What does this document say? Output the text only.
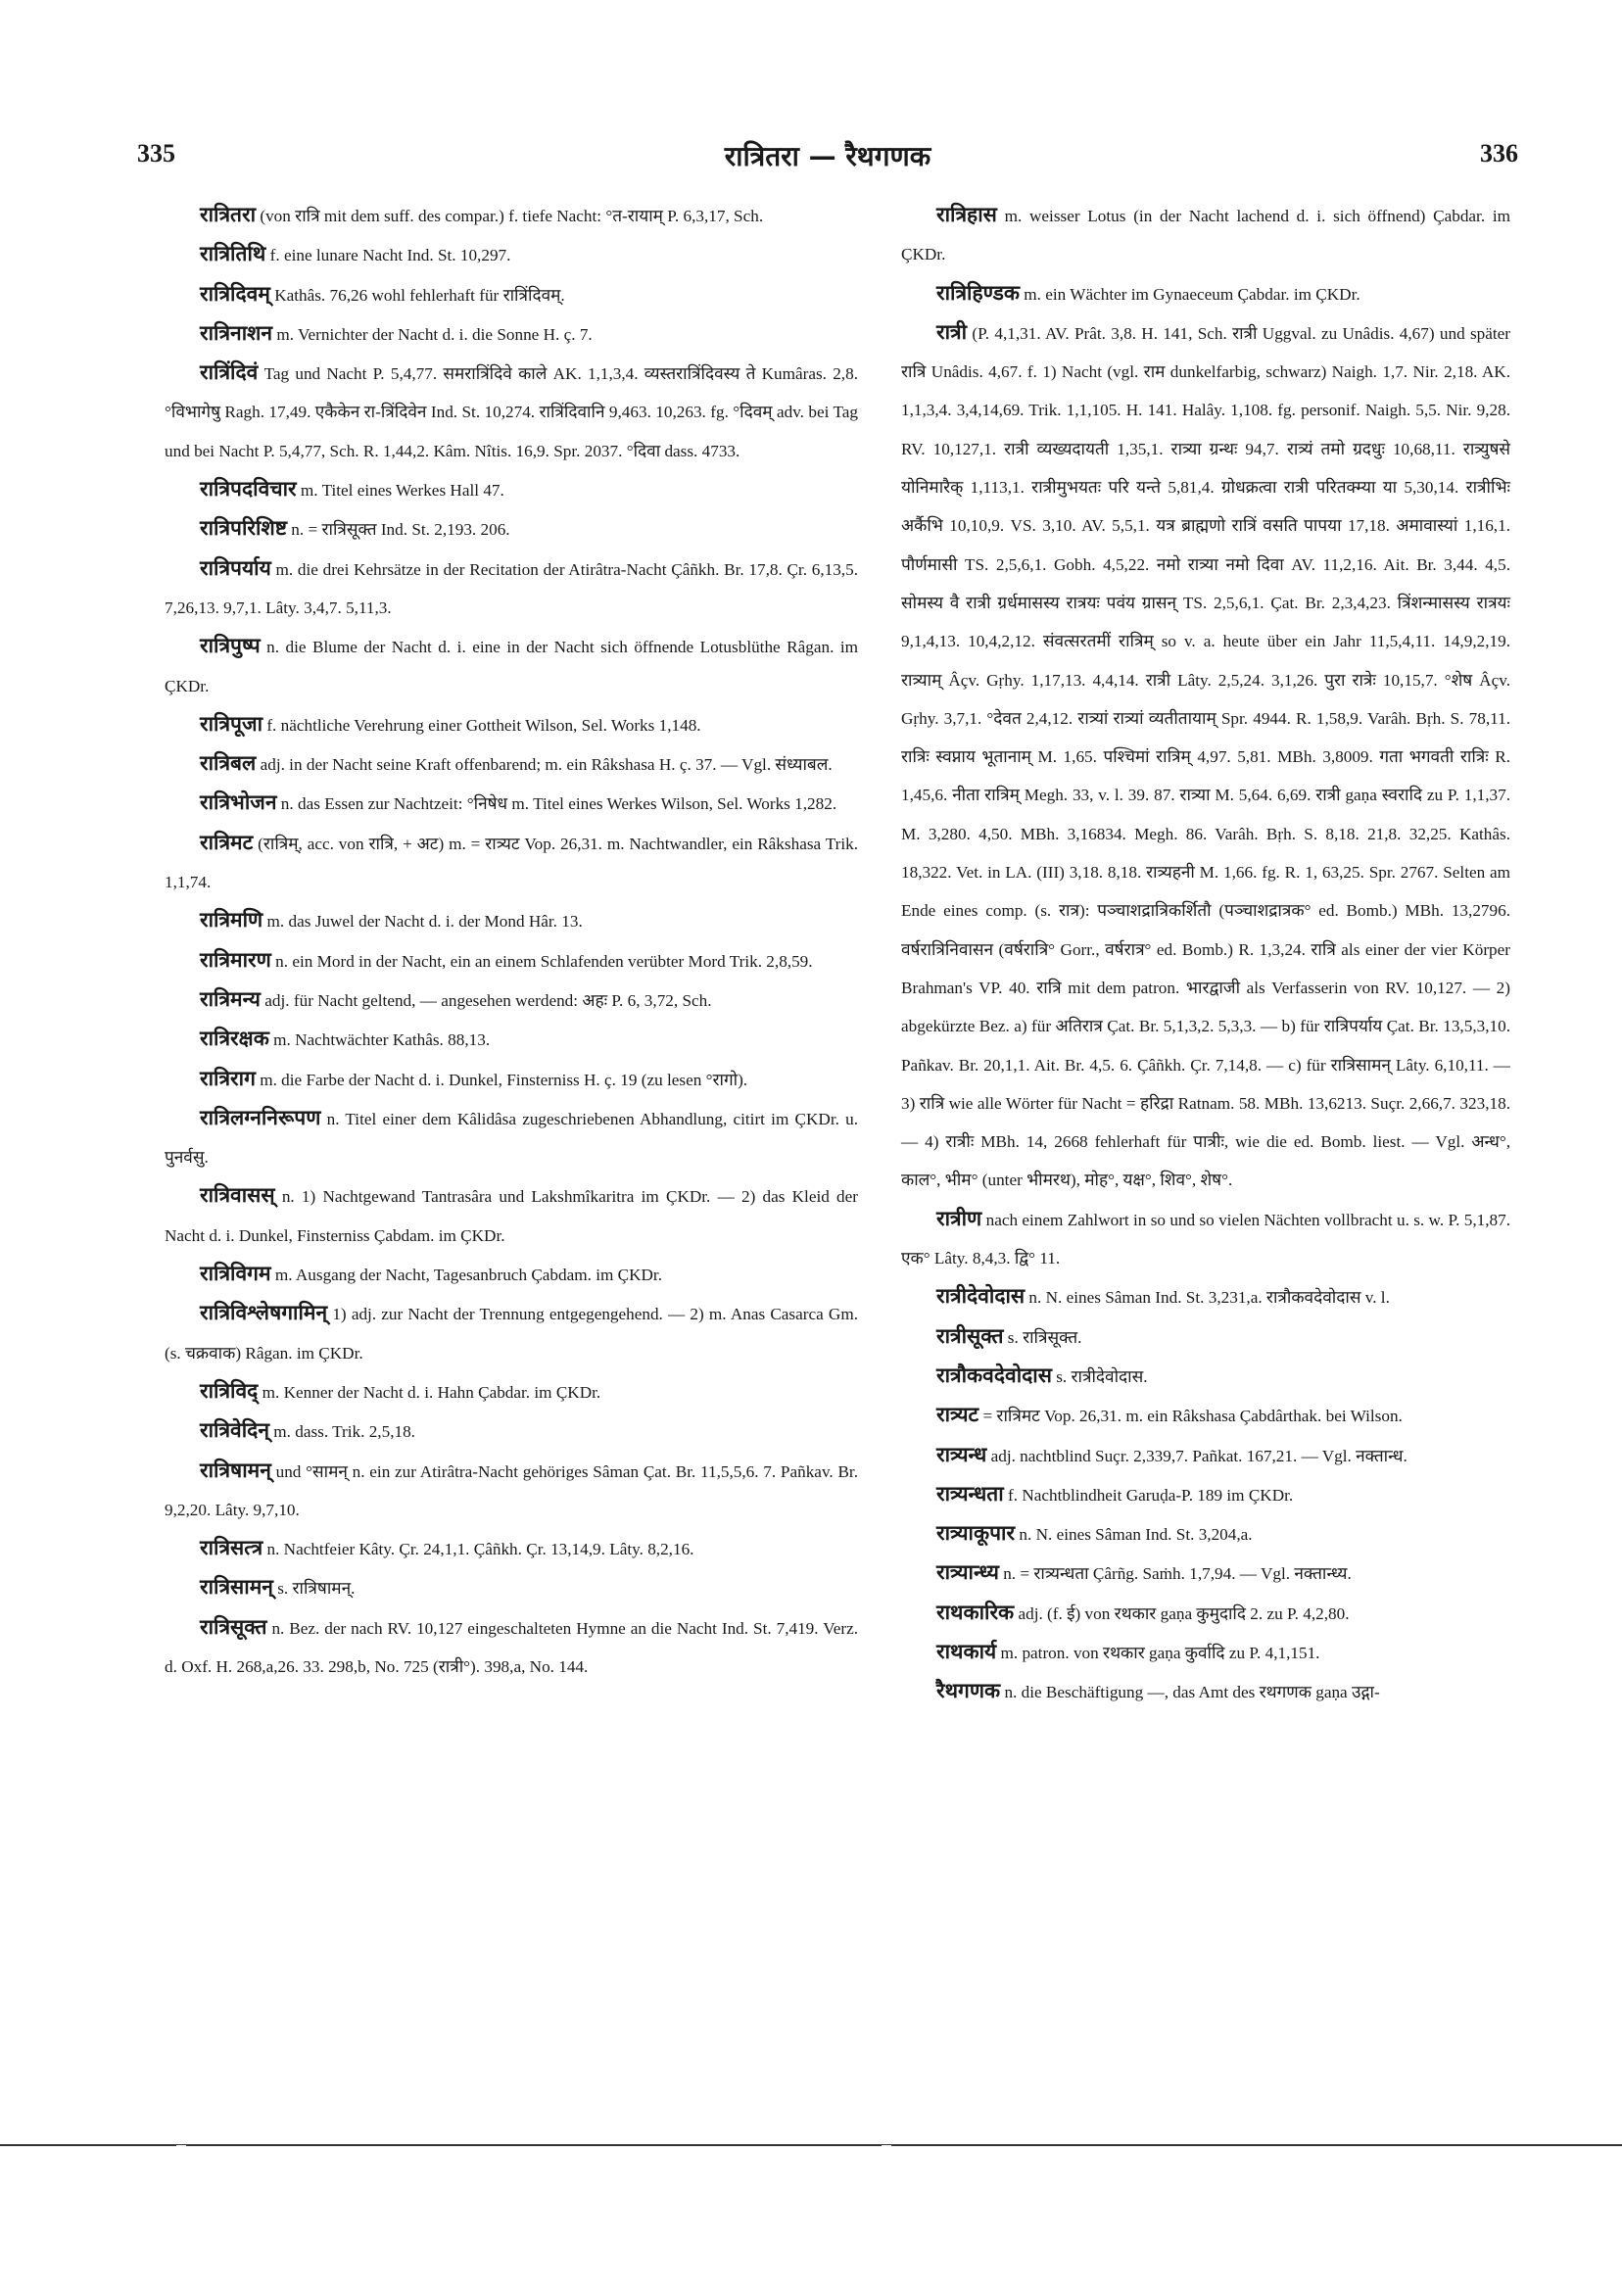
335	रात्रितरा — रैथगणक	336

रात्रितरा (von रात्रि mit dem suff. des compar.) f. tiefe Nacht: °त-रायाम् P. 6,3,17, Sch.

रात्रितिथि f. eine lunare Nacht Ind. St. 10,297.

रात्रिदिवम् Kathâs. 76,26 wohl fehlerhaft für रात्रिंदिवम्.

रात्रिनाशन m. Vernichter der Nacht d. i. die Sonne H. ç. 7.

रात्रिंदिवं Tag und Nacht P. 5,4,77. समरात्रिंदिवे काले AK. 1,1,3,4. व्यस्तरात्रिंदिवस्य ते Kumâras. 2,8. °विभागेषु Ragh. 17,49. एकैकेन रा-त्रिंदिवेन Ind. St. 10,274. रात्रिंदिवानि 9,463. 10,263. fg. °दिवम् adv. bei Tag und bei Nacht P. 5,4,77, Sch. R. 1,44,2. Kâm. Nîtis. 16,9. Spr. 2037. °दिवा dass. 4733.

रात्रिपदविचार m. Titel eines Werkes Hall 47.

रात्रिपरिशिष्ट n. = रात्रिसूक्त Ind. St. 2,193. 206.

रात्रिपर्याय m. die drei Kehrsätze in der Recitation der Atirâtra-Nacht Çâñkh. Br. 17,8. Çr. 6,13,5. 7,26,13. 9,7,1. Lâty. 3,4,7. 5,11,3.

रात्रिपुष्प n. die Blume der Nacht d. i. eine in der Nacht sich öffnende Lotusblüthe Râgan. im ÇKDr.

रात्रिपूजा f. nächtliche Verehrung einer Gottheit Wilson, Sel. Works 1,148.

रात्रिबल adj. in der Nacht seine Kraft offenbarend; m. ein Râkshasa H. ç. 37. — Vgl. संध्याबल.

रात्रिभोजन n. das Essen zur Nachtzeit: °निषेध m. Titel eines Werkes Wilson, Sel. Works 1,282.

रात्रिमट (रात्रिम्, acc. von रात्रि, + अट) m. = रात्र्यट Vop. 26,31. m. Nachtwandler, ein Râkshasa Trik. 1,1,74.

रात्रिमणि m. das Juwel der Nacht d. i. der Mond Hâr. 13.

रात्रिमारण n. ein Mord in der Nacht, ein an einem Schlafenden verübter Mord Trik. 2,8,59.

रात्रिमन्य adj. für Nacht geltend, — angesehen werdend: अहः P. 6, 3,72, Sch.

रात्रिरक्षक m. Nachtwächter Kathâs. 88,13.

रात्रिराग m. die Farbe der Nacht d. i. Dunkel, Finsterniss H. ç. 19 (zu lesen °रागो).

रात्रिलग्ननिरूपण n. Titel einer dem Kâlidâsa zugeschriebenen Abhandlung, citirt im ÇKDr. u. पुनर्वसु.

रात्रिवासस् n. 1) Nachtgewand Tantrasâra und Lakshmîkaritra im ÇKDr. — 2) das Kleid der Nacht d. i. Dunkel, Finsterniss Çabdam. im ÇKDr.

रात्रिविगम m. Ausgang der Nacht, Tagesanbruch Çabdam. im ÇKDr.

रात्रिविश्लेषगामिन् 1) adj. zur Nacht der Trennung entgegengehend. — 2) m. Anas Casarca Gm. (s. चक्रवाक) Râgan. im ÇKDr.

रात्रिविद् m. Kenner der Nacht d. i. Hahn Çabdar. im ÇKDr.

रात्रिवेदिन् m. dass. Trik. 2,5,18.

रात्रिषामन् und °सामन् n. ein zur Atirâtra-Nacht gehöriges Sâman Çat. Br. 11,5,5,6. 7. Pañkav. Br. 9,2,20. Lâty. 9,7,10.

रात्रिसत्त्र n. Nachtfeier Kâty. Çr. 24,1,1. Çâñkh. Çr. 13,14,9. Lâty. 8,2,16.

रात्रिसामन् s. रात्रिषामन्.

रात्रिसूक्त n. Bez. der nach RV. 10,127 eingeschalteten Hymne an die Nacht Ind. St. 7,419. Verz. d. Oxf. H. 268,a,26. 33. 298,b, No. 725 (रात्री°). 398,a, No. 144.

रात्रिहास m. weisser Lotus (in der Nacht lachend d. i. sich öffnend) Çabdar. im ÇKDr.

रात्रिहिण्डक m. ein Wächter im Gynaeceum Çabdar. im ÇKDr.

रात्री (P. 4,1,31. AV. Prât. 3,8. H. 141, Sch. रात्री Uggval. zu Unâdis. 4,67) und später रात्रि Unâdis. 4,67. f. 1) Nacht (vgl. राम dunkelfarbig, schwarz) Naigh. 1,7. Nir. 2,18. AK. 1,1,3,4. 3,4,14,69. Trik. 1,1,105. H. 141. Halây. 1,108. fg. personif. Naigh. 5,5. Nir. 9,28. RV. 10,127,1. रात्री व्यख्यदायती 1,35,1. रात्र्या ग्रन्थः 94,7. रात्र्यं तमो ग्रदधुः 10,68,11. रात्र्युषसे योनिमारैक् 1,113,1. रात्रीमुभयतः परि यन्ते 5,81,4. ग्रोधक्रत्वा रात्री परितक्म्या या 5,30,14. रात्रीभिः अर्कैभि 10,10,9. VS. 3,10. AV. 5,5,1. यत्र ब्राह्मणो रात्रिं वसति पापया 17,18. अमावास्यां 1,16,1. पौर्णमासी TS. 2,5,6,1. Gobh. 4,5,22. नमो रात्र्या नमो दिवा AV. 11,2,16. Ait. Br. 3,44. 4,5. सोमस्य वै रात्री ग्रर्धमासस्य रात्रयः पवंय ग्रासन् TS. 2,5,6,1. Çat. Br. 2,3,4,23. त्रिंशन्मासस्य रात्रयः 9,1,4,13. 10,4,2,12. संवत्सरतमीं रात्रिम् so v. a. heute über ein Jahr 11,5,4,11. 14,9,2,19. रात्र्याम् Âçv. Gṛhy. 1,17,13. 4,4,14. रात्री Lâty. 2,5,24. 3,1,26. पुरा रात्रेः 10,15,7. °शेष Âçv. Gṛhy. 3,7,1. °देवत 2,4,12. रात्र्यां रात्र्यां व्यतीतायाम् Spr. 4944. R. 1,58,9. Varâh. Bṛh. S. 78,11. रात्रिः स्वप्नाय भूतानाम् M. 1,65. पश्चिमां रात्रिम् 4,97. 5,81. MBh. 3,8009. गता भगवती रात्रिः R. 1,45,6. नीता रात्रिम् Megh. 33, v. l. 39. 87. रात्र्या M. 5,64. 6,69. रात्री gaṇa स्वरादि zu P. 1,1,37. M. 3,280. 4,50. MBh. 3,16834. Megh. 86. Varâh. Bṛh. S. 8,18. 21,8. 32,25. Kathâs. 18,322. Vet. in LA. (III) 3,18. 8,18. रात्र्यहनी M. 1,66. fg. R. 1, 63,25. Spr. 2767. Selten am Ende eines comp. (s. रात्र): पञ्चाशद्रात्रिकर्शितौ (पञ्चाशद्रात्रक° ed. Bomb.) MBh. 13,2796. वर्षरात्रिनिवासन (वर्षरात्रि° Gorr., वर्षरात्र° ed. Bomb.) R. 1,3,24. रात्रि als einer der vier Körper Brahman's VP. 40. रात्रि mit dem patron. भारद्वाजी als Verfasserin von RV. 10,127. — 2) abgekürzte Bez. a) für अतिरात्र Çat. Br. 5,1,3,2. 5,3,3. — b) für रात्रिपर्याय Çat. Br. 13,5,3,10. Pañkav. Br. 20,1,1. Ait. Br. 4,5. 6. Çâñkh. Çr. 7,14,8. — c) für रात्रिसामन् Lâty. 6,10,11. — 3) रात्रि wie alle Wörter für Nacht = हरिद्रा Ratnam. 58. MBh. 13,6213. Suçr. 2,66,7. 323,18. — 4) रात्रीः MBh. 14, 2668 fehlerhaft für पात्रीः, wie die ed. Bomb. liest. — Vgl. अन्ध°, काल°, भीम° (unter भीमरथ), मोह°, यक्ष°, शिव°, शेष°.

रात्रीण nach einem Zahlwort in so und so vielen Nächten vollbracht u. s. w. P. 5,1,87. एक° Lâty. 8,4,3. द्वि° 11.

रात्रीदेवोदास n. N. eines Sâman Ind. St. 3,231,a. रात्रौकवदेवोदास v. l.

रात्रीसूक्त s. रात्रिसूक्त.

रात्रौकवदेवोदास s. रात्रीदेवोदास.

रात्र्यट = रात्रिमट Vop. 26,31. m. ein Râkshasa Çabdârthak. bei Wilson.

रात्र्यन्ध adj. nachtblind Suçr. 2,339,7. Pañkat. 167,21. — Vgl. नक्तान्ध.

रात्र्यन्धता f. Nachtblindheit Garuḍa-P. 189 im ÇKDr.

रात्र्याकूपार n. N. eines Sâman Ind. St. 3,204,a.

रात्र्यान्ध्य n. = रात्र्यन्धता Çârñg. Saṁh. 1,7,94. — Vgl. नक्तान्ध्य.

राथकारिक adj. (f. ई) von रथकार gaṇa कुमुदादि 2. zu P. 4,2,80.

राथकार्य m. patron. von रथकार gaṇa कुर्वादि zu P. 4,1,151.

रैथगणक n. die Beschäftigung —, das Amt des रथगणक gaṇa उद्गा-
